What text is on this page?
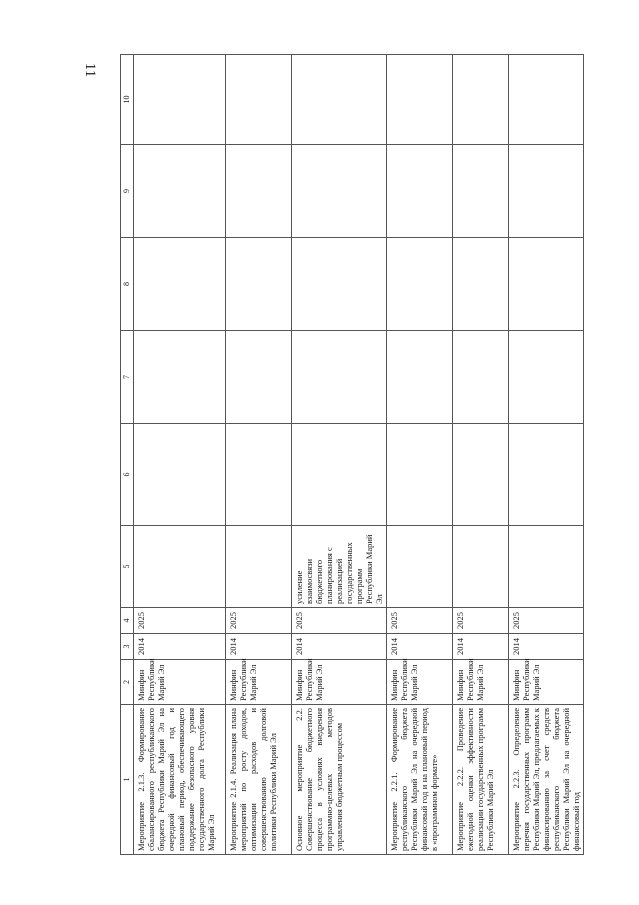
11
1	2	3	4	5	6	7	8	9	10
Мероприятие 2.1.3. Формирование сбалансированного республиканского бюджета Республики Марий Эл на очередной финансовый год и плановый период, обеспечивающего поддержание безопасного уровня государственного долга Республики Марий Эл	Минфин Республики Марий Эл	2014	2025						
Мероприятие 2.1.4. Реализация плана мероприятий по росту доходов, оптимизации расходов и совершенствованию долговой политики Республики Марий Эл	Минфин Республики Марий Эл	2014	2025						
Основное мероприятие 2.2. Совершенствование бюджетного процесса в условиях внедрения программно-целевых методов управления бюджетным процессом	Минфин Республики Марий Эл	2014	2025	усиление взаимосвязи бюджетного планирования с реализацией государственных программ Республики Марий Эл					
Мероприятие 2.2.1. Формирование республиканского бюджета Республики Марий Эл на очередной финансовый год и на плановый период в «программном формате»	Минфин Республики Марий Эл	2014	2025						
Мероприятие 2.2.2. Проведение ежегодной оценки эффективности реализации государственных программ Республики Марий Эл	Минфин Республики Марий Эл	2014	2025						
Мероприятие 2.2.3. Определение перечня государственных программ Республики Марий Эл, предлагаемых к финансированию за счет средств республиканского бюджета Республики Марий Эл на очередной финансовый год	Минфин Республики Марий Эл	2014	2025						
